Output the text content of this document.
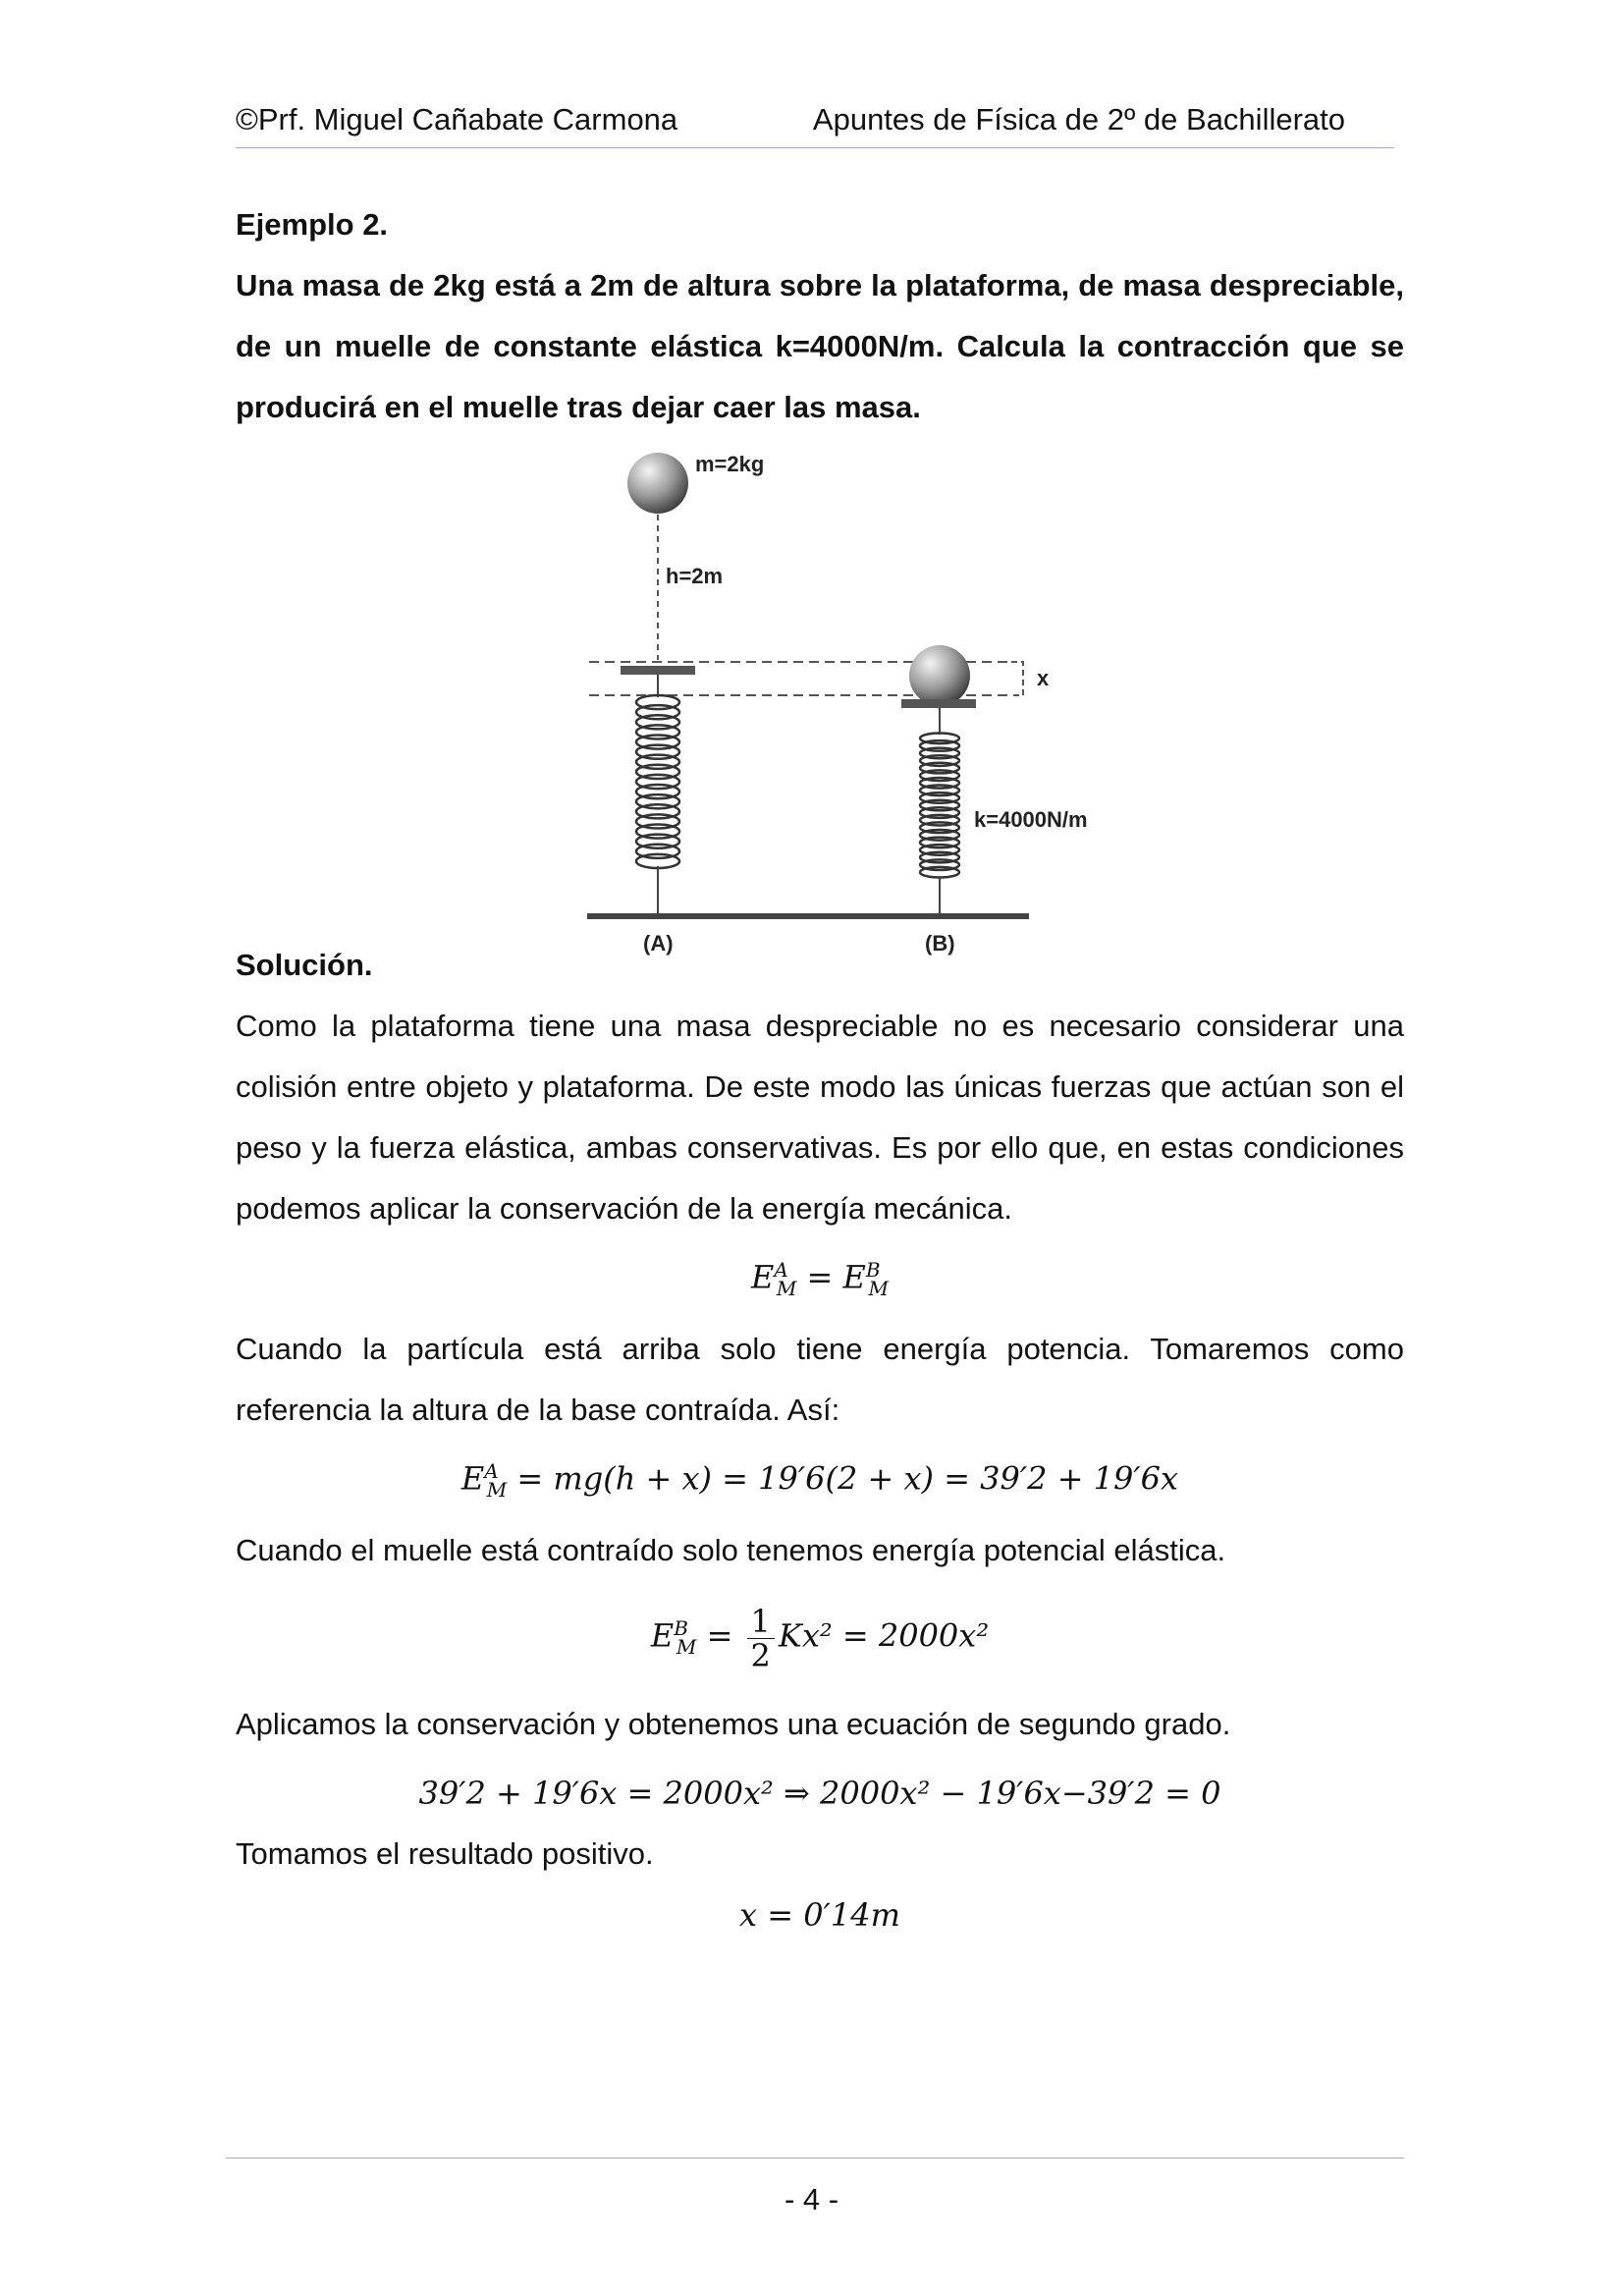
©Prf. Miguel Cañabate Carmona	Apuntes de Física de 2º de Bachillerato

Ejemplo 2.

Una masa de 2kg está a 2m de altura sobre la plataforma, de masa despreciable, de un muelle de constante elástica k=4000N/m. Calcula la contracción que se producirá en el muelle tras dejar caer las masa.

m=2kg
h=2m
x
k=4000N/m
(A)	(B)

Solución.

Como la plataforma tiene una masa despreciable no es necesario considerar una colisión entre objeto y plataforma. De este modo las únicas fuerzas que actúan son el peso y la fuerza elástica, ambas conservativas. Es por ello que, en estas condiciones podemos aplicar la conservación de la energía mecánica.

$E^A_M = E^B_M$

Cuando la partícula está arriba solo tiene energía potencia. Tomaremos como referencia la altura de la base contraída. Así:

$E^A_M = mg(h + x) = 19'6(2 + x) = 39'2 + 19'6x$

Cuando el muelle está contraído solo tenemos energía potencial elástica.

$E^B_M = \frac{1}{2} Kx^2 = 2000x^2$

Aplicamos la conservación y obtenemos una ecuación de segundo grado.

39′2 + 19′6x = 2000x² ⇒ 2000x² − 19′6x−39′2 = 0

Tomamos el resultado positivo.

x = 0′14m

- 4 -
